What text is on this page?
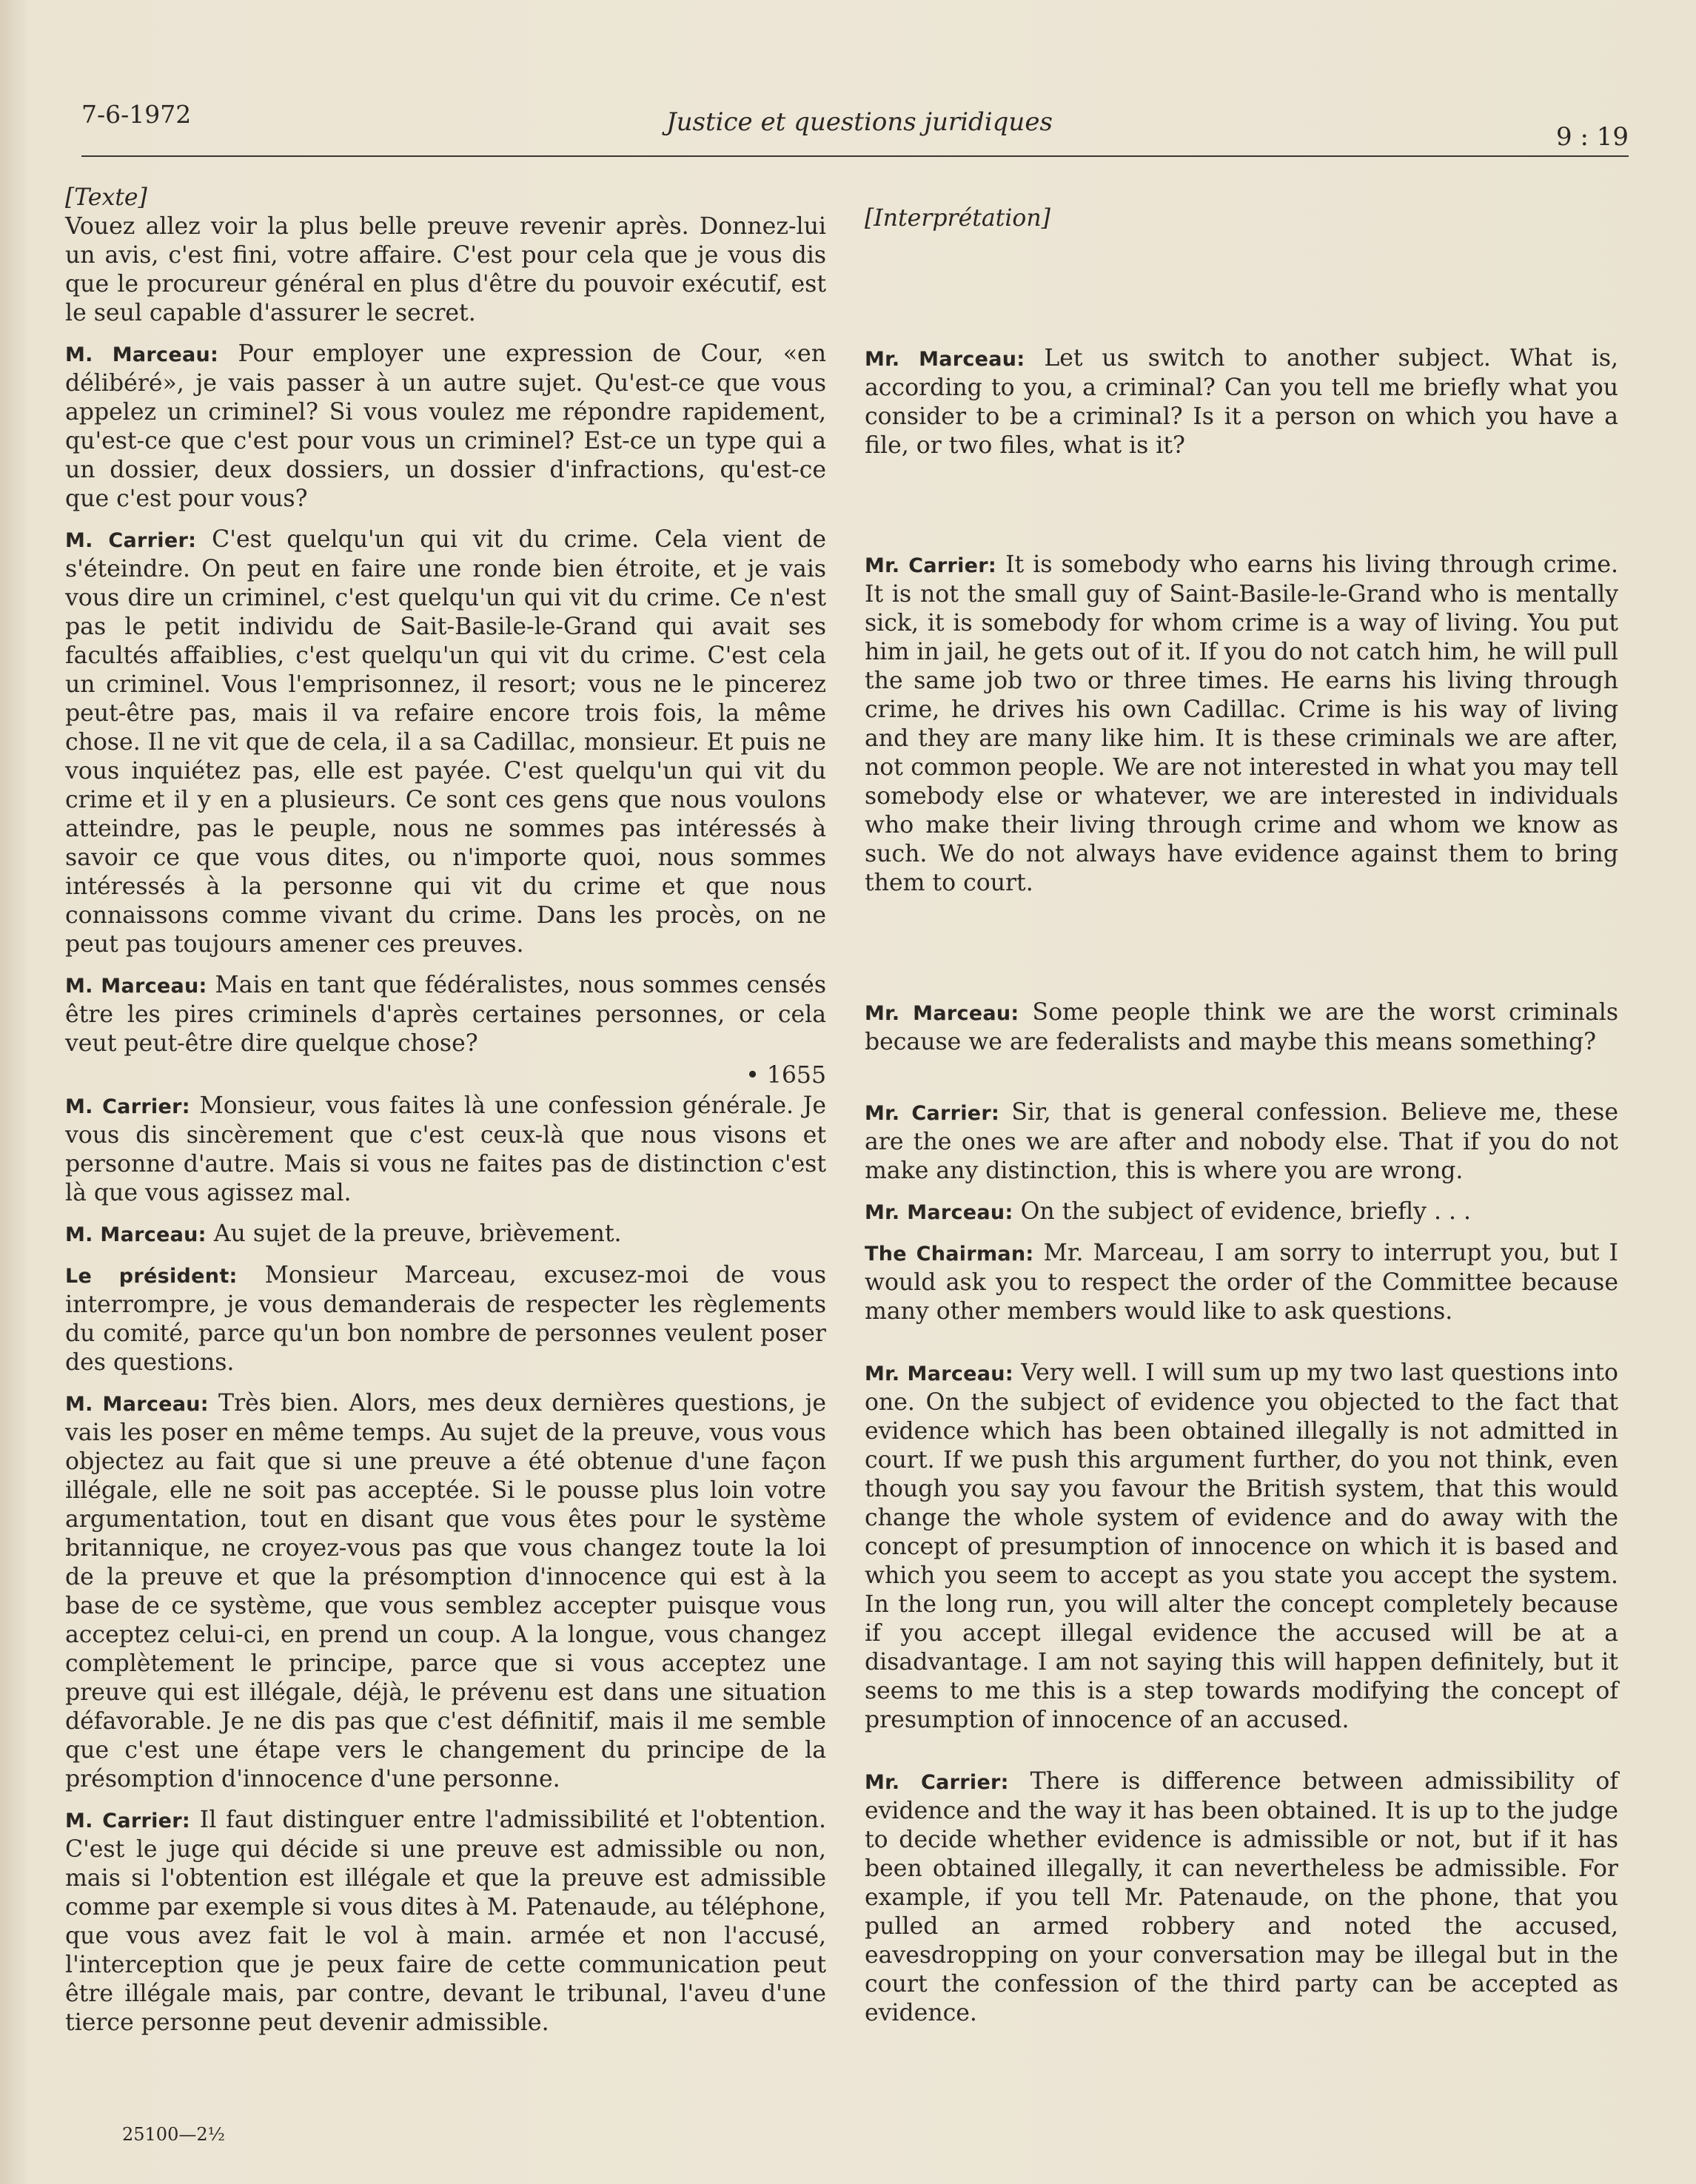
7-6-1972	Justice et questions juridiques	9 : 19

[Texte]

Vouez allez voir la plus belle preuve revenir après. Donnez-lui un avis, c'est fini, votre affaire. C'est pour cela que je vous dis que le procureur général en plus d'être du pouvoir exécutif, est le seul capable d'assurer le secret.

M. Marceau: Pour employer une expression de Cour, «en délibéré», je vais passer à un autre sujet. Qu'est-ce que vous appelez un criminel? Si vous voulez me répondre rapidement, qu'est-ce que c'est pour vous un criminel? Est-ce un type qui a un dossier, deux dossiers, un dossier d'infractions, qu'est-ce que c'est pour vous?

M. Carrier: C'est quelqu'un qui vit du crime. Cela vient de s'éteindre. On peut en faire une ronde bien étroite, et je vais vous dire un criminel, c'est quelqu'un qui vit du crime. Ce n'est pas le petit individu de Sait-Basile-le-Grand qui avait ses facultés affaiblies, c'est quelqu'un qui vit du crime. C'est cela un criminel. Vous l'emprisonnez, il resort; vous ne le pincerez peut-être pas, mais il va refaire encore trois fois, la même chose. Il ne vit que de cela, il a sa Cadillac, monsieur. Et puis ne vous inquiétez pas, elle est payée. C'est quelqu'un qui vit du crime et il y en a plusieurs. Ce sont ces gens que nous voulons atteindre, pas le peuple, nous ne sommes pas intéressés à savoir ce que vous dites, ou n'importe quoi, nous sommes intéressés à la personne qui vit du crime et que nous connaissons comme vivant du crime. Dans les procès, on ne peut pas toujours amener ces preuves.

M. Marceau: Mais en tant que fédéralistes, nous sommes censés être les pires criminels d'après certaines personnes, or cela veut peut-être dire quelque chose?

• 1655

M. Carrier: Monsieur, vous faites là une confession générale. Je vous dis sincèrement que c'est ceux-là que nous visons et personne d'autre. Mais si vous ne faites pas de distinction c'est là que vous agissez mal.

M. Marceau: Au sujet de la preuve, brièvement.

Le président: Monsieur Marceau, excusez-moi de vous interrompre, je vous demanderais de respecter les règlements du comité, parce qu'un bon nombre de personnes veulent poser des questions.

M. Marceau: Très bien. Alors, mes deux dernières questions, je vais les poser en même temps. Au sujet de la preuve, vous vous objectez au fait que si une preuve a été obtenue d'une façon illégale, elle ne soit pas acceptée. Si le pousse plus loin votre argumentation, tout en disant que vous êtes pour le système britannique, ne croyez-vous pas que vous changez toute la loi de la preuve et que la présomption d'innocence qui est à la base de ce système, que vous semblez accepter puisque vous acceptez celui-ci, en prend un coup. A la longue, vous changez complètement le principe, parce que si vous acceptez une preuve qui est illégale, déjà, le prévenu est dans une situation défavorable. Je ne dis pas que c'est définitif, mais il me semble que c'est une étape vers le changement du principe de la présomption d'innocence d'une personne.

M. Carrier: Il faut distinguer entre l'admissibilité et l'obtention. C'est le juge qui décide si une preuve est admissible ou non, mais si l'obtention est illégale et que la preuve est admissible comme par exemple si vous dites à M. Patenaude, au téléphone, que vous avez fait le vol à main. armée et non l'accusé, l'interception que je peux faire de cette communication peut être illégale mais, par contre, devant le tribunal, l'aveu d'une tierce personne peut devenir admissible.

[Interprétation]

Mr. Marceau: Let us switch to another subject. What is, according to you, a criminal? Can you tell me briefly what you consider to be a criminal? Is it a person on which you have a file, or two files, what is it?

Mr. Carrier: It is somebody who earns his living through crime. It is not the small guy of Saint-Basile-le-Grand who is mentally sick, it is somebody for whom crime is a way of living. You put him in jail, he gets out of it. If you do not catch him, he will pull the same job two or three times. He earns his living through crime, he drives his own Cadillac. Crime is his way of living and they are many like him. It is these criminals we are after, not common people. We are not interested in what you may tell somebody else or whatever, we are interested in individuals who make their living through crime and whom we know as such. We do not always have evidence against them to bring them to court.

Mr. Marceau: Some people think we are the worst criminals because we are federalists and maybe this means something?

Mr. Carrier: Sir, that is general confession. Believe me, these are the ones we are after and nobody else. That if you do not make any distinction, this is where you are wrong.

Mr. Marceau: On the subject of evidence, briefly . . .

The Chairman: Mr. Marceau, I am sorry to interrupt you, but I would ask you to respect the order of the Committee because many other members would like to ask questions.

Mr. Marceau: Very well. I will sum up my two last questions into one. On the subject of evidence you objected to the fact that evidence which has been obtained illegally is not admitted in court. If we push this argument further, do you not think, even though you say you favour the British system, that this would change the whole system of evidence and do away with the concept of presumption of innocence on which it is based and which you seem to accept as you state you accept the system. In the long run, you will alter the concept completely because if you accept illegal evidence the accused will be at a disadvantage. I am not saying this will happen definitely, but it seems to me this is a step towards modifying the concept of presumption of innocence of an accused.

Mr. Carrier: There is difference between admissibility of evidence and the way it has been obtained. It is up to the judge to decide whether evidence is admissible or not, but if it has been obtained illegally, it can nevertheless be admissible. For example, if you tell Mr. Patenaude, on the phone, that you pulled an armed robbery and noted the accused, eavesdropping on your conversation may be illegal but in the court the confession of the third party can be accepted as evidence.

25100—2½
